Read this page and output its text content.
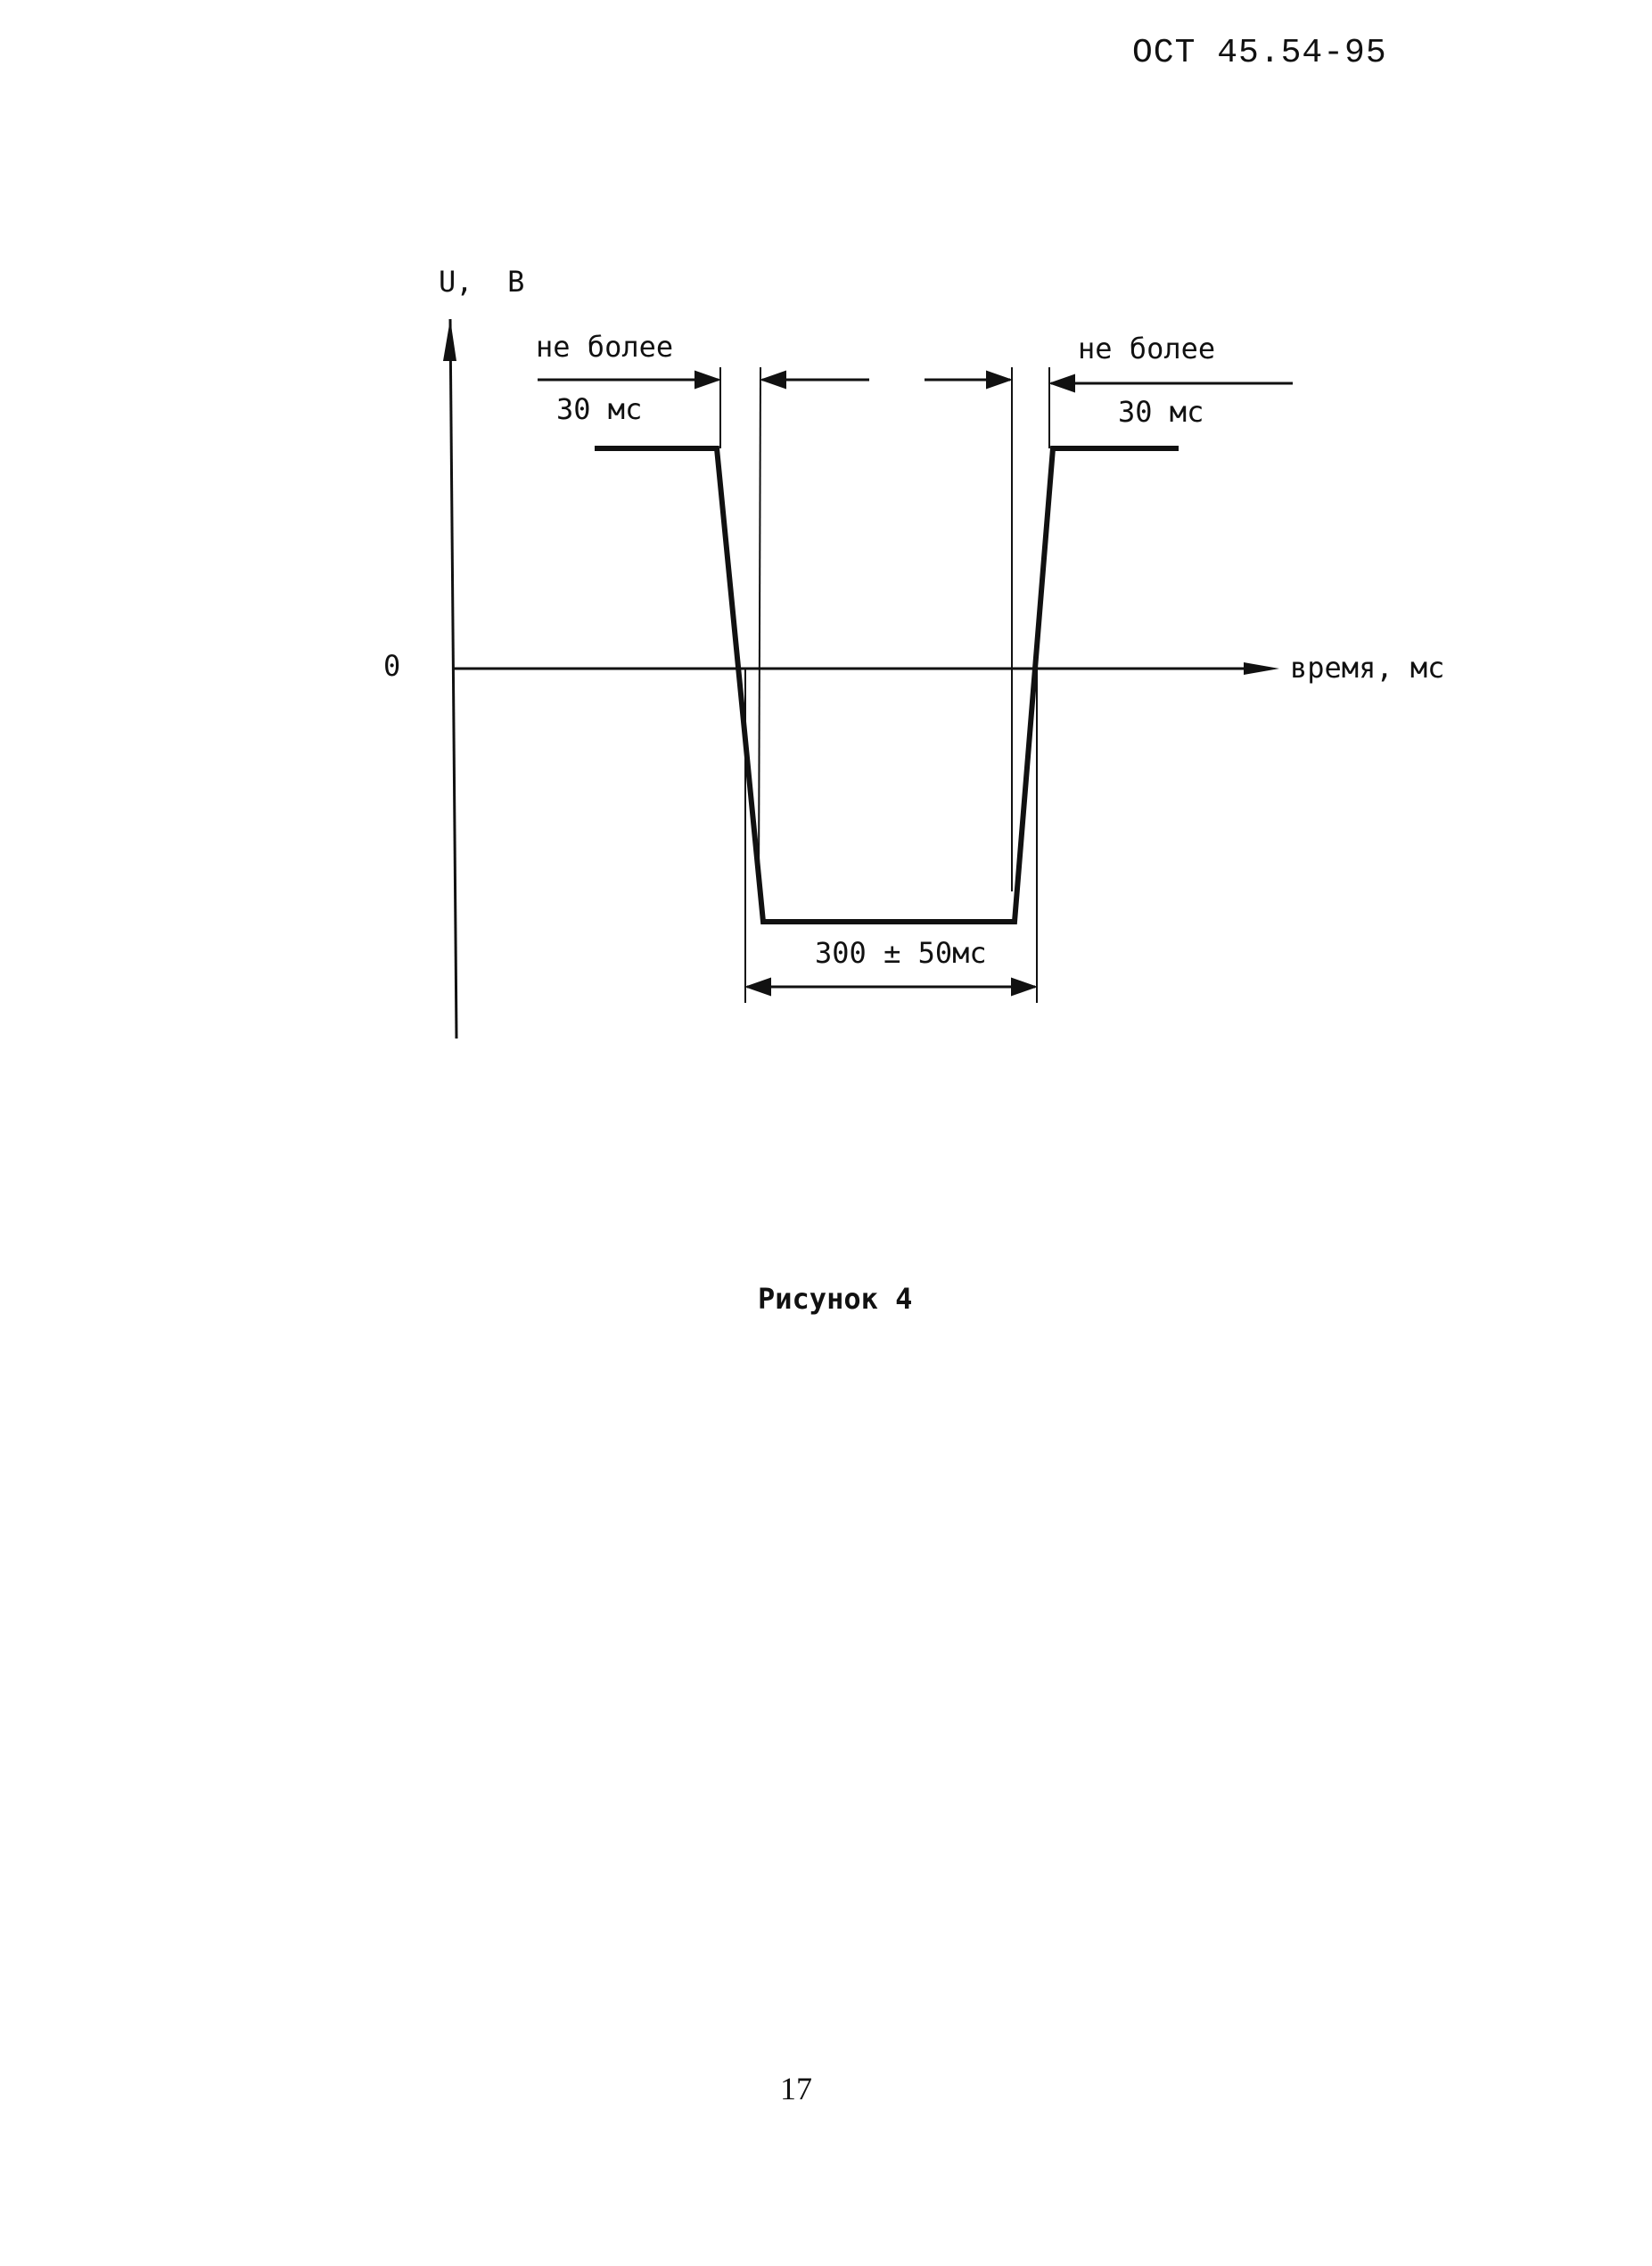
ОСТ 45.54-95
U,  B
время, мс
0
не более
30 мс
не более
30 мс
300 ± 50мс
Рисунок 4
17
